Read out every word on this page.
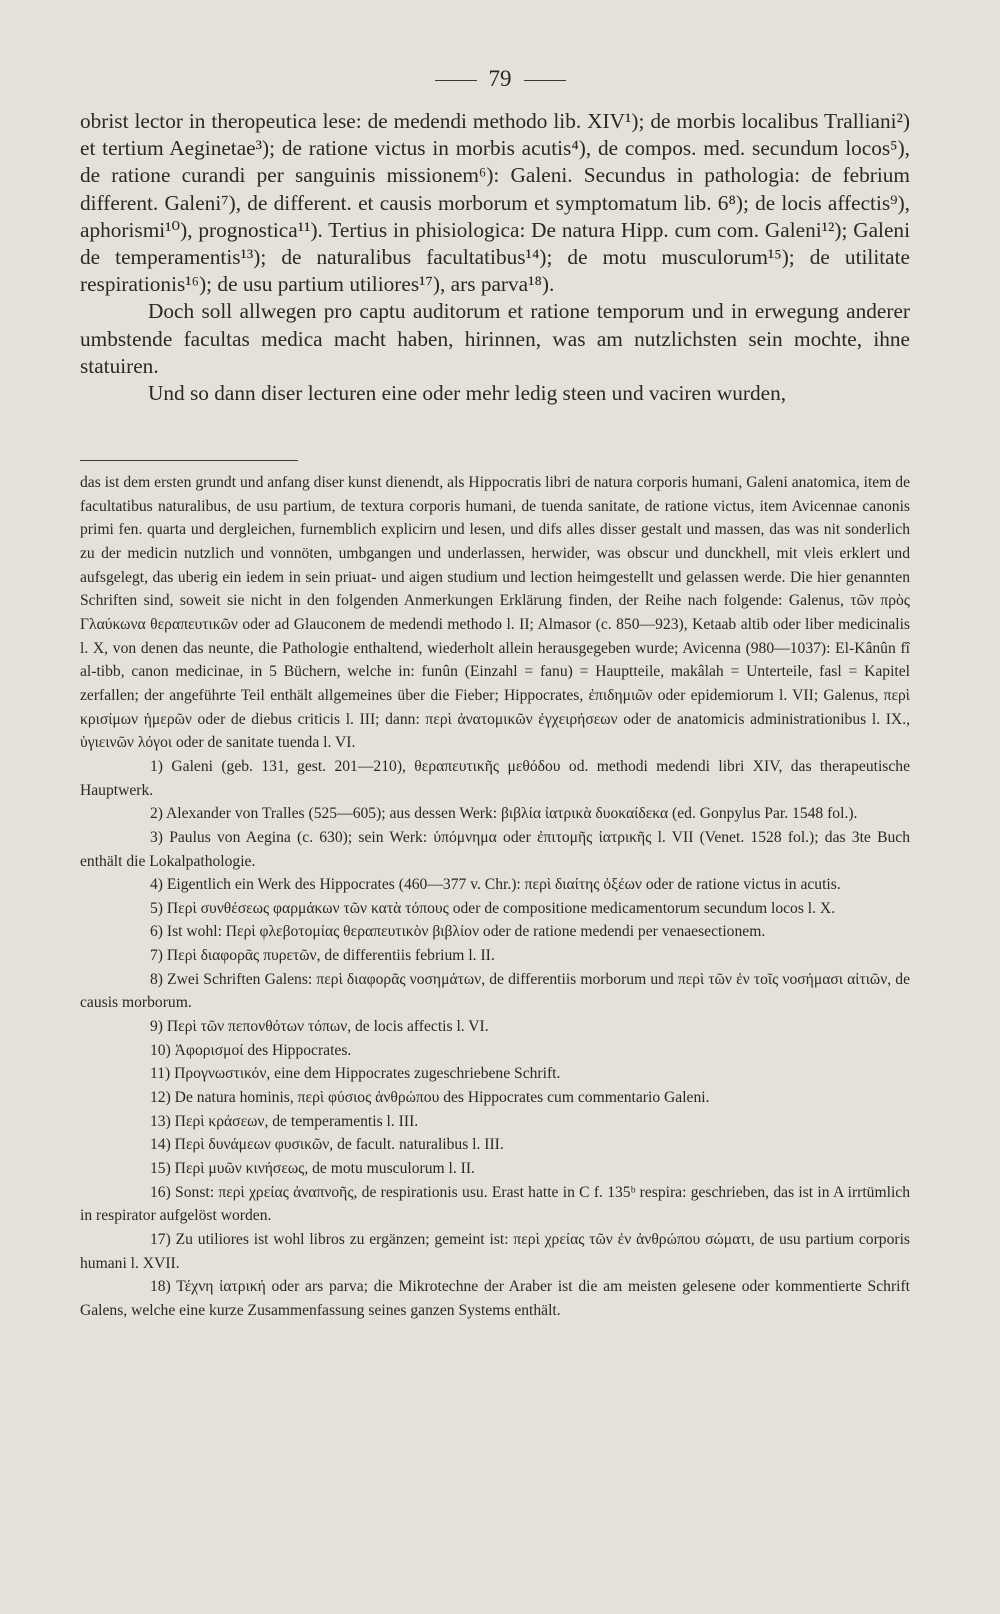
79

obrist lector in theropeutica lese: de medendi methodo lib. XIV¹); de morbis localibus Tralliani²) et tertium Aeginetae³); de ratione victus in morbis acutis⁴), de compos. med. secundum locos⁵), de ratione curandi per sanguinis missionem⁶): Galeni. Secundus in pathologia: de febrium different. Galeni⁷), de different. et causis morborum et symptomatum lib. 6⁸); de locis affectis⁹), aphorismi¹⁰), prognostica¹¹). Tertius in phisiologica: De natura Hipp. cum com. Galeni¹²); Galeni de temperamentis¹³); de naturalibus facultatibus¹⁴); de motu musculorum¹⁵); de utilitate respirationis¹⁶); de usu partium utiliores¹⁷), ars parva¹⁸).

Doch soll allwegen pro captu auditorum et ratione temporum und in erwegung anderer umbstende facultas medica macht haben, hirinnen, was am nutzlichsten sein mochte, ihne statuiren.

Und so dann diser lecturen eine oder mehr ledig steen und vaciren wurden,

das ist dem ersten grundt und anfang diser kunst dienendt, als Hippocratis libri de natura corporis humani, Galeni anatomica, item de facultatibus naturalibus, de usu partium, de textura corporis humani, de tuenda sanitate, de ratione victus, item Avicennae canonis primi fen. quarta und dergleichen, furnemblich explicirn und lesen, und difs alles disser gestalt und massen, das was nit sonderlich zu der medicin nutzlich und vonnöten, umbgangen und underlassen, herwider, was obscur und dunckhell, mit vleis erklert und aufsgelegt, das uberig ein iedem in sein priuat- und aigen studium und lection heimgestellt und gelassen werde. Die hier genannten Schriften sind, soweit sie nicht in den folgenden Anmerkungen Erklärung finden, der Reihe nach folgende: Galenus, τῶν πρὸς Γλαύκωνα θεραπευτικῶν oder ad Glauconem de medendi methodo l. II; Almasor (c. 850—923), Ketaab altib oder liber medicinalis l. X, von denen das neunte, die Pathologie enthaltend, wiederholt allein herausgegeben wurde; Avicenna (980—1037): El-Kânûn fî al-tibb, canon medicinae, in 5 Büchern, welche in: funûn (Einzahl = fanu) = Hauptteile, makâlah = Unterteile, fasl = Kapitel zerfallen; der angeführte Teil enthält allgemeines über die Fieber; Hippocrates, ἐπιδημιῶν oder epidemiorum l. VII; Galenus, περὶ κρισίμων ἡμερῶν oder de diebus criticis l. III; dann: περὶ ἀνατομικῶν ἐγχειρήσεων oder de anatomicis administrationibus l. IX., ὑγιεινῶν λόγοι oder de sanitate tuenda l. VI.

1) Galeni (geb. 131, gest. 201—210), θεραπευτικῆς μεθόδου od. methodi medendi libri XIV, das therapeutische Hauptwerk.

2) Alexander von Tralles (525—605); aus dessen Werk: βιβλία ἰατρικὰ δυοκαίδεκα (ed. Gonpylus Par. 1548 fol.).

3) Paulus von Aegina (c. 630); sein Werk: ὑπόμνημα oder ἐπιτομῆς ἰατρικῆς l. VII (Venet. 1528 fol.); das 3te Buch enthält die Lokalpathologie.

4) Eigentlich ein Werk des Hippocrates (460—377 v. Chr.): περὶ διαίτης ὀξέων oder de ratione victus in acutis.

5) Περὶ συνθέσεως φαρμάκων τῶν κατὰ τόπους oder de compositione medicamentorum secundum locos l. X.

6) Ist wohl: Περὶ φλεβοτομίας θεραπευτικὸν βιβλίον oder de ratione medendi per venaesectionem.

7) Περὶ διαφορᾶς πυρετῶν, de differentiis febrium l. II.

8) Zwei Schriften Galens: περὶ διαφορᾶς νοσημάτων, de differentiis morborum und περὶ τῶν ἐν τοῖς νοσήμασι αἰτιῶν, de causis morborum.

9) Περὶ τῶν πεπονθότων τόπων, de locis affectis l. VI.

10) Ἀφορισμοί des Hippocrates.

11) Προγνωστικόν, eine dem Hippocrates zugeschriebene Schrift.

12) De natura hominis, περὶ φύσιος ἀνθρώπου des Hippocrates cum commentario Galeni.

13) Περὶ κράσεων, de temperamentis l. III.

14) Περὶ δυνάμεων φυσικῶν, de facult. naturalibus l. III.

15) Περὶ μυῶν κινήσεως, de motu musculorum l. II.

16) Sonst: περὶ χρείας ἀναπνοῆς, de respirationis usu. Erast hatte in C f. 135ᵇ respira: geschrieben, das ist in A irrtümlich in respirator aufgelöst worden.

17) Zu utiliores ist wohl libros zu ergänzen; gemeint ist: περὶ χρείας τῶν ἐν ἀνθρώπου σώματι, de usu partium corporis humani l. XVII.

18) Τέχνη ἰατρική oder ars parva; die Mikrotechne der Araber ist die am meisten gelesene oder kommentierte Schrift Galens, welche eine kurze Zusammenfassung seines ganzen Systems enthält.
